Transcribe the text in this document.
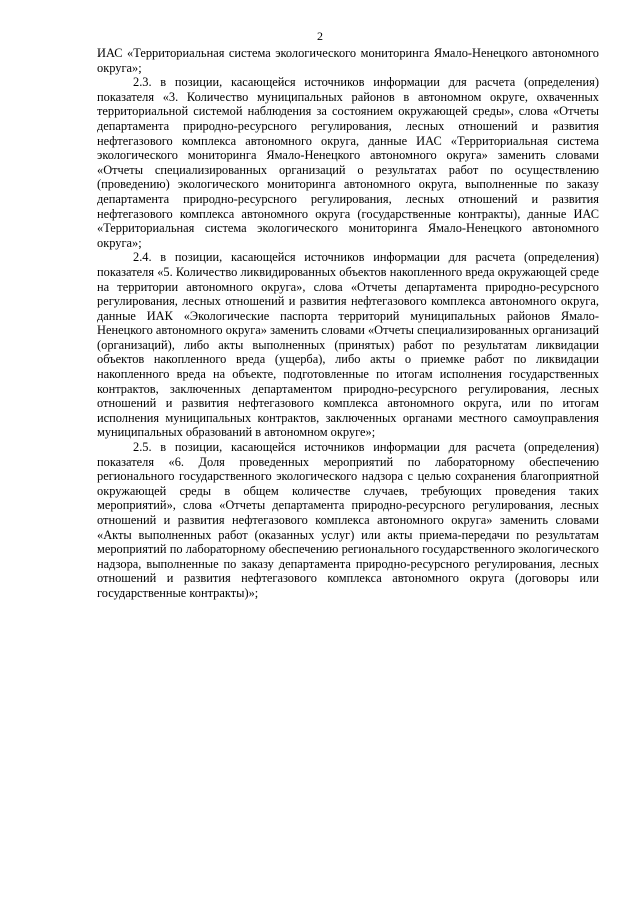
2

ИАС «Территориальная система экологического мониторинга Ямало-Ненецкого автономного округа»;

2.3. в позиции, касающейся источников информации для расчета (определения) показателя «3. Количество муниципальных районов в автономном округе, охваченных территориальной системой наблюдения за состоянием окружающей среды», слова «Отчеты департамента природно-ресурсного регулирования, лесных отношений и развития нефтегазового комплекса автономного округа, данные ИАС «Территориальная система экологического мониторинга Ямало-Ненецкого автономного округа» заменить словами «Отчеты специализированных организаций о результатах работ по осуществлению (проведению) экологического мониторинга автономного округа, выполненные по заказу департамента природно-ресурсного регулирования, лесных отношений и развития нефтегазового комплекса автономного округа (государственные контракты), данные ИАС «Территориальная система экологического мониторинга Ямало-Ненецкого автономного округа»;

2.4. в позиции, касающейся источников информации для расчета (определения) показателя «5. Количество ликвидированных объектов накопленного вреда окружающей среде на территории автономного округа», слова «Отчеты департамента природно-ресурсного регулирования, лесных отношений и развития нефтегазового комплекса автономного округа, данные ИАК «Экологические паспорта территорий муниципальных районов Ямало-Ненецкого автономного округа» заменить словами «Отчеты специализированных организаций (организаций), либо акты выполненных (принятых) работ по результатам ликвидации объектов накопленного вреда (ущерба), либо акты о приемке работ по ликвидации накопленного вреда на объекте, подготовленные по итогам исполнения государственных контрактов, заключенных департаментом природно-ресурсного регулирования, лесных отношений и развития нефтегазового комплекса автономного округа, или по итогам исполнения муниципальных контрактов, заключенных органами местного самоуправления муниципальных образований в автономном округе»;

2.5. в позиции, касающейся источников информации для расчета (определения) показателя «6. Доля проведенных мероприятий по лабораторному обеспечению регионального государственного экологического надзора с целью сохранения благоприятной окружающей среды в общем количестве случаев, требующих проведения таких мероприятий», слова «Отчеты департамента природно-ресурсного регулирования, лесных отношений и развития нефтегазового комплекса автономного округа» заменить словами «Акты выполненных работ (оказанных услуг) или акты приема-передачи по результатам мероприятий по лабораторному обеспечению регионального государственного экологического надзора, выполненные по заказу департамента природно-ресурсного регулирования, лесных отношений и развития нефтегазового комплекса автономного округа (договоры или государственные контракты)»;
